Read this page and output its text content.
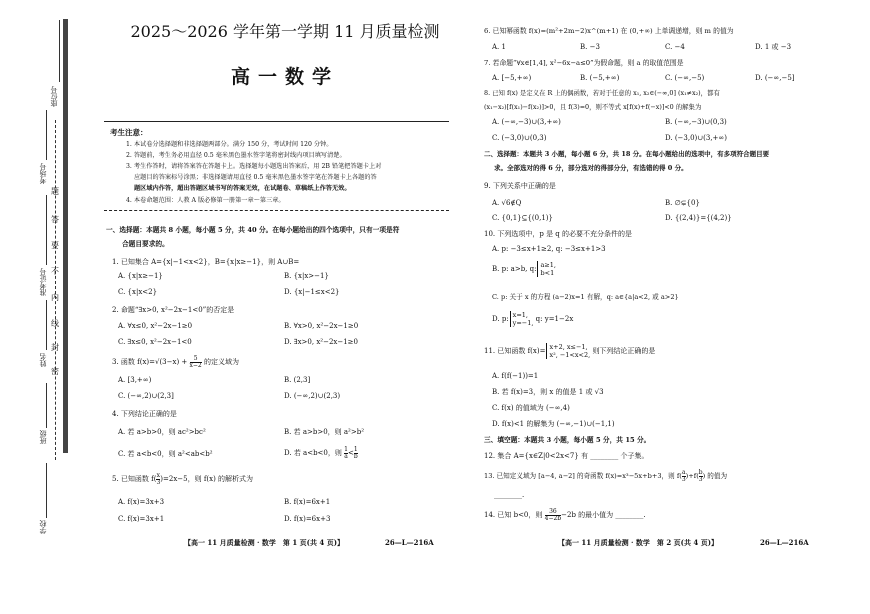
座位号
考场号
准考证号
姓名
班级
学校
题
答
要
不
内
线
封
密
2025～2026 学年第一学期 11 月质量检测
高一数学
考生注意：
1. 本试卷分选择题和非选择题两部分。满分 150 分，考试时间 120 分钟。
2. 答题前，考生务必用直径 0.5 毫米黑色墨水签字笔将密封线内项目填写清楚。
3. 考生作答时，请将答案答在答题卡上。选择题每小题选出答案后，用 2B 铅笔把答题卡上对
应题目的答案标号涂黑；非选择题请用直径 0.5 毫米黑色墨水签字笔在答题卡上各题的答
题区域内作答，超出答题区域书写的答案无效，在试题卷、草稿纸上作答无效。
4. 本卷命题范围：人教 A 版必修第一册第一章～第三章。
一、选择题：本题共 8 小题，每小题 5 分，共 40 分。在每小题给出的四个选项中，只有一项是符
合题目要求的。
1. 已知集合 A={x|−1<x<2}，B={x|x≥−1}，则 A∪B=
A. {x|x≥−1}	B. {x|x>−1}
C. {x|x<2}	D. {x|−1≤x<2}
2. 命题“∃x>0, x²−2x−1<0”的否定是
A. ∀x≤0, x²−2x−1≥0	B. ∀x>0, x²−2x−1≥0
C. ∃x≤0, x²−2x−1<0	D. ∃x>0, x²−2x−1≥0
3. 函数 $f(x)=√(3-x) + \frac{5}{x-2}$ 的定义域为
A. [3,+∞)	B. (2,3]
C. (−∞,2)∪(2,3]	D. (−∞,2)∪(2,3)
4. 下列结论正确的是
A. 若 a>b>0，则 ac²>bc²	B. 若 a>b>0，则 a²>b²
C. 若 a<b<0，则 a²<ab<b²	D. 若 a<b<0，则 $\frac{1}{a} < \frac{1}{b}$
5. 已知函数 $f( \frac{x}{3} )=2x-5$，则 f(x) 的解析式为
A. f(x)=3x+3	B. f(x)=6x+1
C. f(x)=3x+1	D. f(x)=6x+3
【高一 11 月质量检测 · 数学　第 1 页(共 4 页)】	26—L—216A
6. 已知幂函数 f(x)=(m²+2m−2)x^(m+1) 在 (0,+∞) 上单调递增，则 m 的值为
A. 1	B. −3	C. −4	D. 1 或 −3
7. 若命题“∀x∈[1,4], x²−6x−a≤0”为假命题，则 a 的取值范围是
A. [−5,+∞)	B. (−5,+∞)	C. (−∞,−5)	D. (−∞,−5]
8. 已知 f(x) 是定义在 R 上的偶函数，若对于任意的 x₁, x₂∈(−∞,0] (x₁≠x₂)，都有
(x₁−x₂)[f(x₁)−f(x₂)]>0，且 f(3)=0，则不等式 x[f(x)+f(−x)]<0 的解集为
A. (−∞,−3)∪(3,+∞)	B. (−∞,−3)∪(0,3)
C. (−3,0)∪(0,3)	D. (−3,0)∪(3,+∞)
二、选择题：本题共 3 小题，每小题 6 分，共 18 分。在每小题给出的选项中，有多项符合题目要
求。全部选对的得 6 分，部分选对的得部分分，有选错的得 0 分。
9. 下列关系中正确的是
A. √6∉Q	B. ∅⊊{0}
C. {0,1}⊆{(0,1)}	D. {(2,4)}={(4,2)}
10. 下列选项中，p 是 q 的必要不充分条件的是
A. p: −3≤x+1≥2, q: −3≤x+1>3
B. p: a>b, q: a≥1,
b<1
C. p: 关于 x 的方程 (a−2)x=1 有解，q: a∈{a|a<2, 或 a>2}
D. p: x=1,
y=−1, q: y=1−2x
11. 已知函数 f(x)= x+2, x≤−1,
x², −1<x<2, 则下列结论正确的是
A. f(f(−1))=1
B. 若 f(x)=3，则 x 的值是 1 或 √3
C. f(x) 的值域为 (−∞,4)
D. f(x)<1 的解集为 (−∞,−1)∪(−1,1)
三、填空题：本题共 3 小题，每小题 5 分，共 15 分。
12. 集合 A={x∈Z|0<2x<7} 有 ________ 个子集。
13. 已知定义域为 [a−4, a−2] 的奇函数 f(x)=x³−5x+b+3，则 $f( \frac{a}{3} )+f( \frac{b}{3}$ ) 的值为
________.
14. 已知 b<0，则 $\frac{36}{4-2b} -2b$ 的最小值为 ________.
【高一 11 月质量检测 · 数学　第 2 页(共 4 页)】	26—L—216A
